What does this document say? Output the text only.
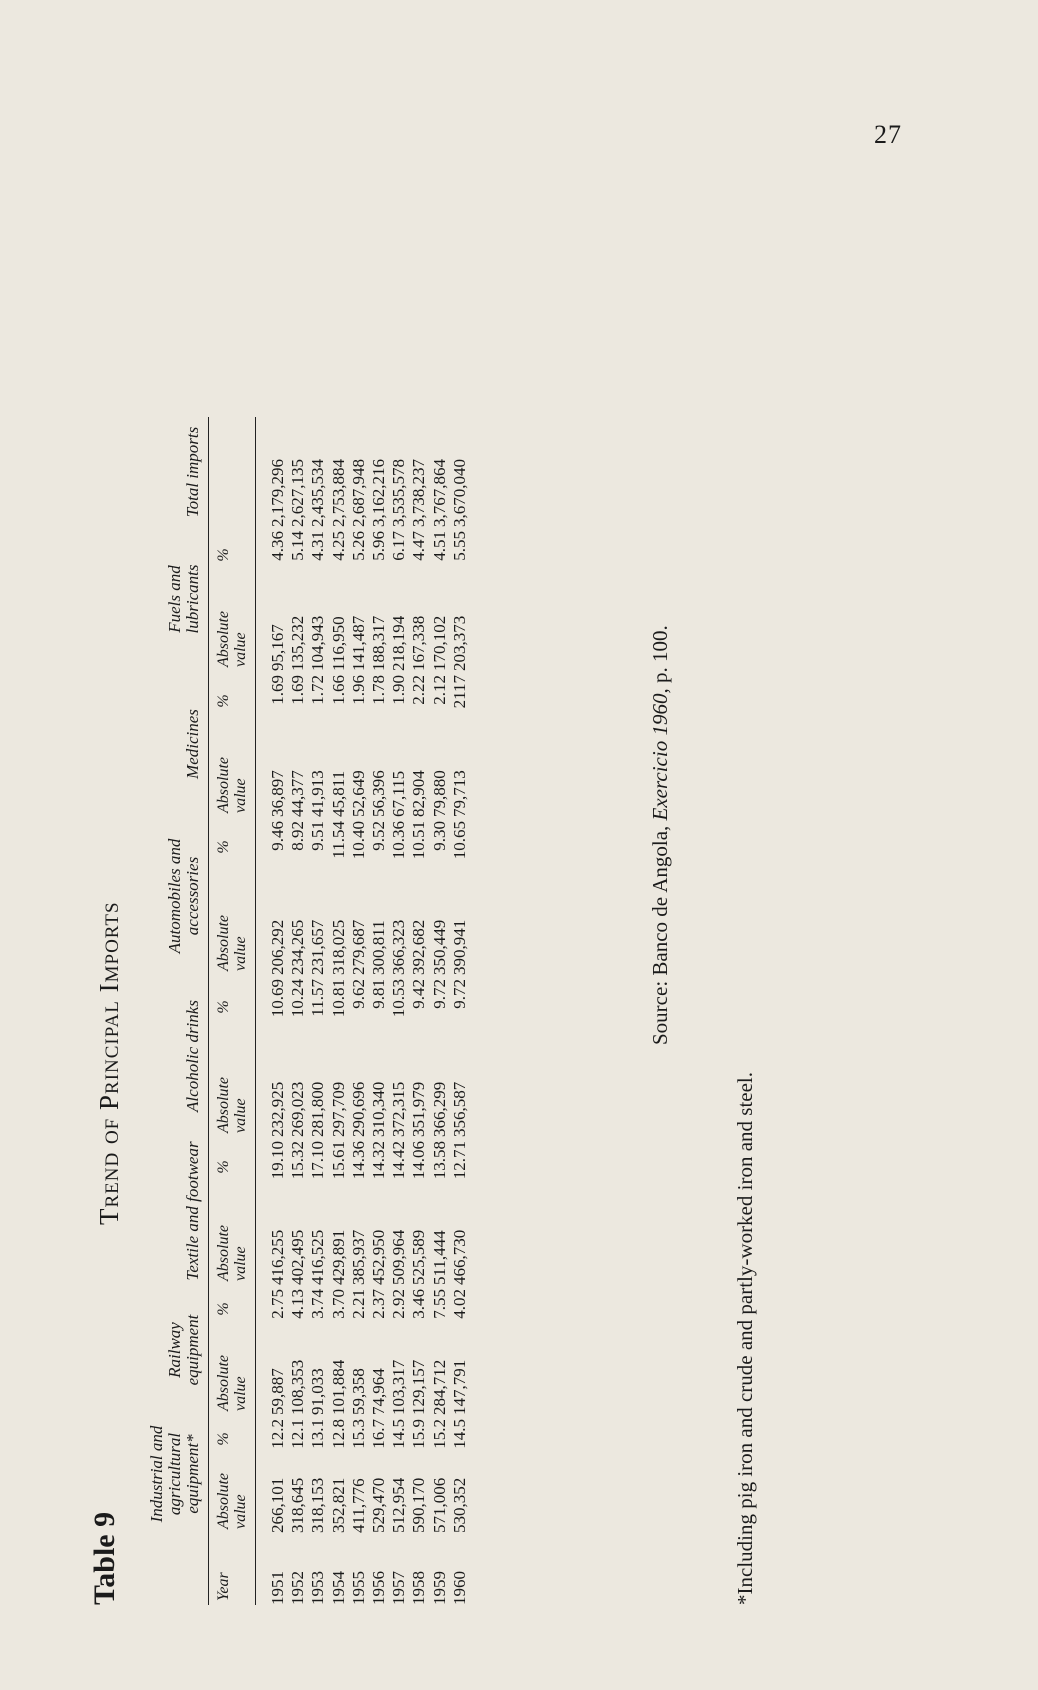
27
Table 9
Trend of Principal Imports
Industrial and agricultural equipment*
Railway equipment
Textile and footwear
Alcoholic drinks
Automobiles and accessories
Medicines
Fuels and lubricants
Total imports
Year
Absolute value
%
Absolute value
%
Absolute value
%
Absolute value
%
Absolute value
%
Absolute value
%
Absolute value
%
1951 1952 1953 1954 1955 1956 1957 1958 1959 1960
266,101 318,645 318,153 352,821 411,776 529,470 512,954 590,170 571,006 530,352
12.2 12.1 13.1 12.8 15.3 16.7 14.5 15.9 15.2 14.5
59,887 108,353 91,033 101,884 59,358 74,964 103,317 129,157 284,712 147,791
2.75 4.13 3.74 3.70 2.21 2.37 2.92 3.46 7.55 4.02
416,255 402,495 416,525 429,891 385,937 452,950 509,964 525,589 511,444 466,730
19.10 15.32 17.10 15.61 14.36 14.32 14.42 14.06 13.58 12.71
232,925 269,023 281,800 297,709 290,696 310,340 372,315 351,979 366,299 356,587
10.69 10.24 11.57 10.81 9.62 9.81 10.53 9.42 9.72 9.72
206,292 234,265 231,657 318,025 279,687 300,811 366,323 392,682 350,449 390,941
9.46 8.92 9.51 11.54 10.40 9.52 10.36 10.51 9.30 10.65
36,897 44,377 41,913 45,811 52,649 56,396 67,115 82,904 79,880 79,713
1.69 1.69 1.72 1.66 1.96 1.78 1.90 2.22 2.12 2117
95,167 135,232 104,943 116,950 141,487 188,317 218,194 167,338 170,102 203,373
4.36 5.14 4.31 4.25 5.26 5.96 6.17 4.47 4.51 5.55
2,179,296 2,627,135 2,435,534 2,753,884 2,687,948 3,162,216 3,535,578 3,738,237 3,767,864 3,670,040
Source: Banco de Angola, Exercicio 1960, p. 100.
*Including pig iron and crude and partly-worked iron and steel.
